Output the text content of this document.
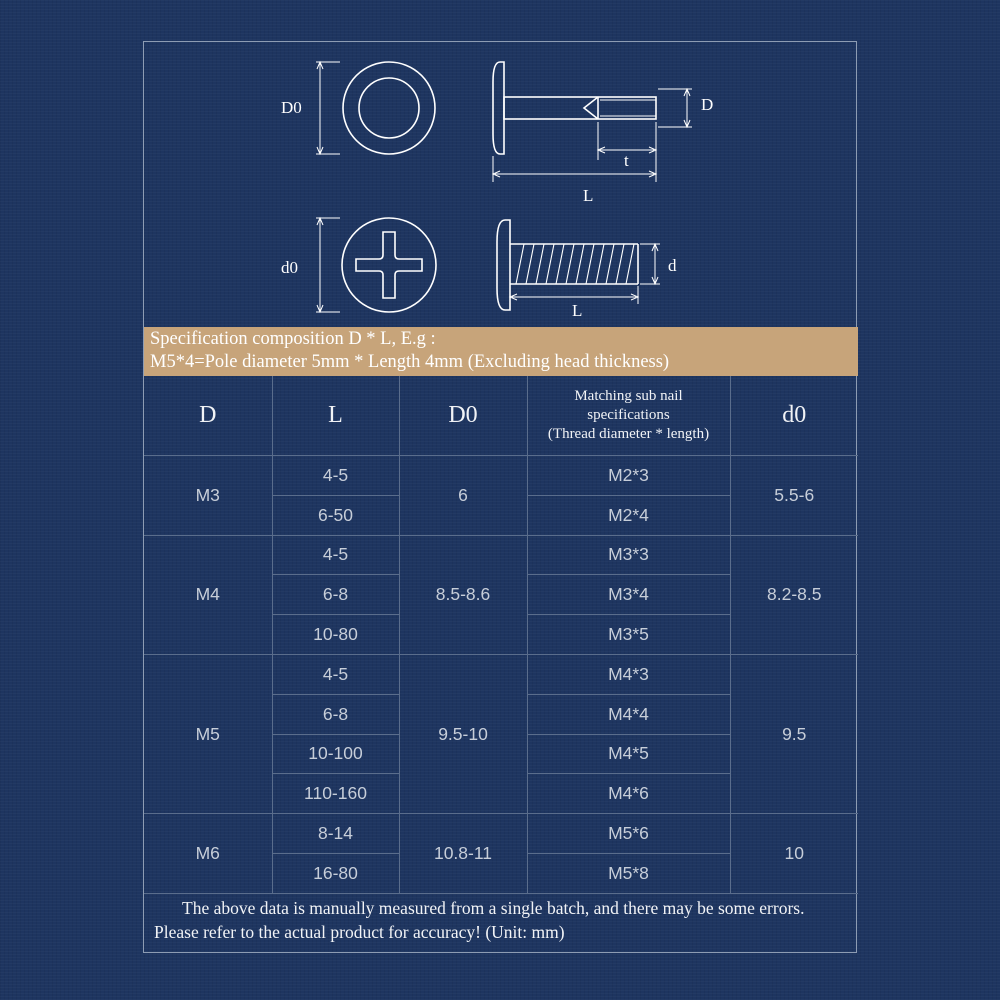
D0	D
t
L
d0	d
L
Specification composition D * L, E.g :
M5*4=Pole diameter 5mm * Length 4mm (Excluding head thickness)
D	L	D0	Matching sub nail
specifications
(Thread diameter * length)	d0
M3	4-5	6	M2*3	5.5-6
	6-50		M2*4	
M4	4-5	8.5-8.6	M3*3	8.2-8.5
	6-8		M3*4	
	10-80		M3*5	
M5	4-5	9.5-10	M4*3	9.5
	6-8		M4*4	
	10-100		M4*5	
	110-160		M4*6	
M6	8-14	10.8-11	M5*6	10
	16-80		M5*8	
The above data is manually measured from a single batch, and there may be some errors. Please refer to the actual product for accuracy! (Unit: mm)
